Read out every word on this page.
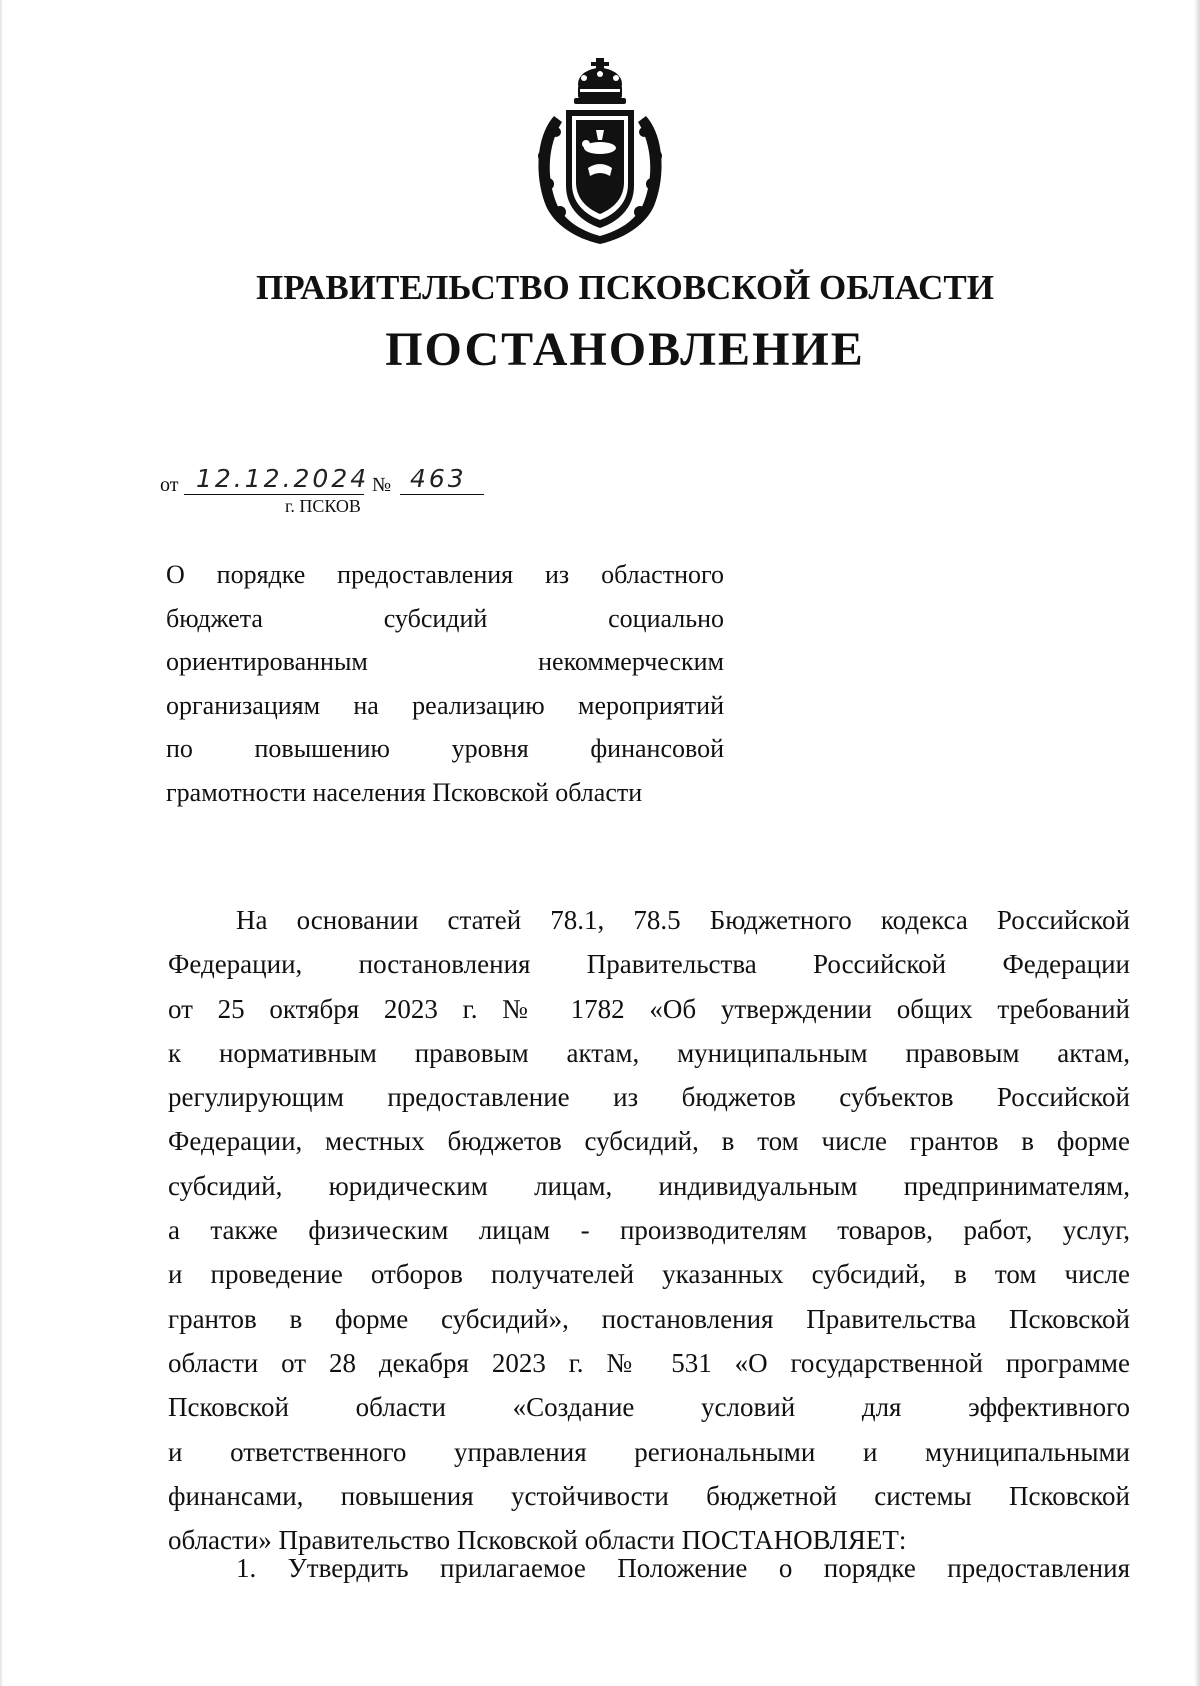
ПРАВИТЕЛЬСТВО ПСКОВСКОЙ ОБЛАСТИ
ПОСТАНОВЛЕНИЕ
от 12.12.2024 № 463
г. ПСКОВ
О порядке предоставления из областного
бюджета субсидий социально
ориентированным некоммерческим
организациям на реализацию мероприятий
по повышению уровня финансовой
грамотности населения Псковской области
На основании статей 78.1, 78.5 Бюджетного кодекса Российской
Федерации, постановления Правительства Российской Федерации
от 25 октября 2023 г. № 1782 «Об утверждении общих требований
к нормативным правовым актам, муниципальным правовым актам,
регулирующим предоставление из бюджетов субъектов Российской
Федерации, местных бюджетов субсидий, в том числе грантов в форме
субсидий, юридическим лицам, индивидуальным предпринимателям,
а также физическим лицам - производителям товаров, работ, услуг,
и проведение отборов получателей указанных субсидий, в том числе
грантов в форме субсидий», постановления Правительства Псковской
области от 28 декабря 2023 г. № 531 «О государственной программе
Псковской области «Создание условий для эффективного
и ответственного управления региональными и муниципальными
финансами, повышения устойчивости бюджетной системы Псковской
области» Правительство Псковской области ПОСТАНОВЛЯЕТ:
1. Утвердить прилагаемое Положение о порядке предоставления
